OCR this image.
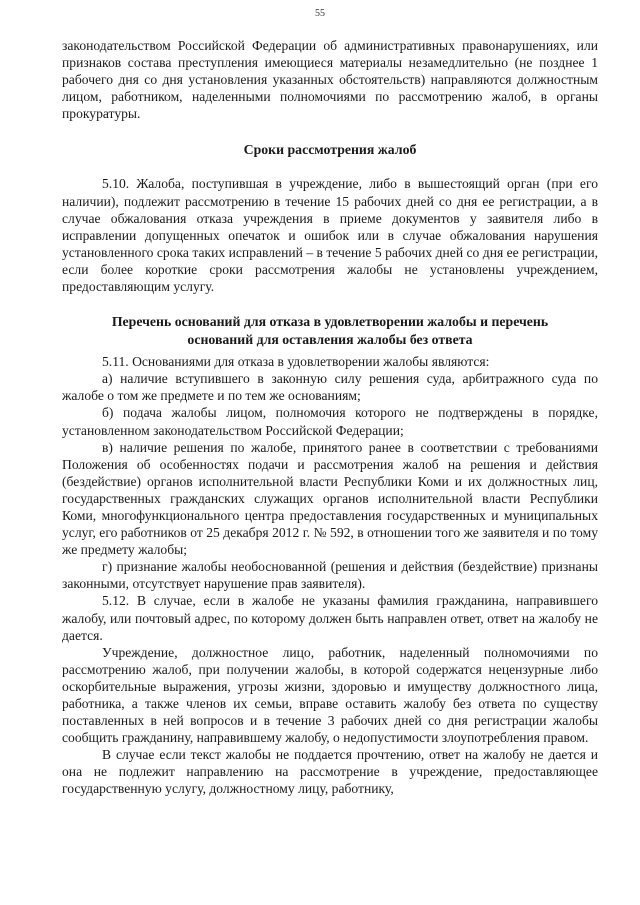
55

законодательством Российской Федерации об административных правонарушениях, или признаков состава преступления имеющиеся материалы незамедлительно (не позднее 1 рабочего дня со дня установления указанных обстоятельств) направляются должностным лицом, работником, наделенными полномочиями по рассмотрению жалоб, в органы прокуратуры.

Сроки рассмотрения жалоб

5.10. Жалоба, поступившая в учреждение, либо в вышестоящий орган (при его наличии), подлежит рассмотрению в течение 15 рабочих дней со дня ее регистрации, а в случае обжалования отказа учреждения в приеме документов у заявителя либо в исправлении допущенных опечаток и ошибок или в случае обжалования нарушения установленного срока таких исправлений – в течение 5 рабочих дней со дня ее регистрации, если более короткие сроки рассмотрения жалобы не установлены учреждением, предоставляющим услугу.

Перечень оснований для отказа в удовлетворении жалобы и перечень

оснований для оставления жалобы без ответа

5.11. Основаниями для отказа в удовлетворении жалобы являются:

а) наличие вступившего в законную силу решения суда, арбитражного суда по жалобе о том же предмете и по тем же основаниям;

б) подача жалобы лицом, полномочия которого не подтверждены в порядке, установленном законодательством Российской Федерации;

в) наличие решения по жалобе, принятого ранее в соответствии с требованиями Положения об особенностях подачи и рассмотрения жалоб на решения и действия (бездействие) органов исполнительной власти Республики Коми и их должностных лиц, государственных гражданских служащих органов исполнительной власти Республики Коми, многофункционального центра предоставления государственных и муниципальных услуг, его работников от 25 декабря 2012 г. № 592, в отношении того же заявителя и по тому же предмету жалобы;

г) признание жалобы необоснованной (решения и действия (бездействие) признаны законными, отсутствует нарушение прав заявителя).

5.12. В случае, если в жалобе не указаны фамилия гражданина, направившего жалобу, или почтовый адрес, по которому должен быть направлен ответ, ответ на жалобу не дается.

Учреждение, должностное лицо, работник, наделенный полномочиями по рассмотрению жалоб, при получении жалобы, в которой содержатся нецензурные либо оскорбительные выражения, угрозы жизни, здоровью и имуществу должностного лица, работника, а также членов их семьи, вправе оставить жалобу без ответа по существу поставленных в ней вопросов и в течение 3 рабочих дней со дня регистрации жалобы сообщить гражданину, направившему жалобу, о недопустимости злоупотребления правом.

В случае если текст жалобы не поддается прочтению, ответ на жалобу не дается и она не подлежит направлению на рассмотрение в учреждение, предоставляющее государственную услугу, должностному лицу, работнику,
